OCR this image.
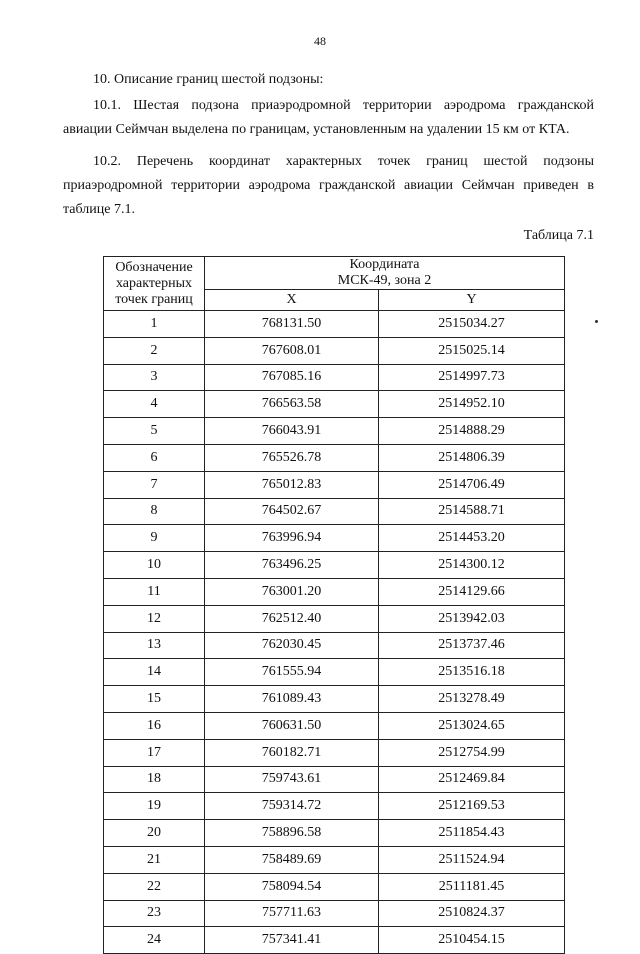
48

10. Описание границ шестой подзоны:

10.1. Шестая подзона приаэродромной территории аэродрома гражданской авиации Сеймчан выделена по границам, установленным на удалении 15 км от КТА.

10.2. Перечень координат характерных точек границ шестой подзоны приаэродромной территории аэродрома гражданской авиации Сеймчан приведен в таблице 7.1.

Таблица 7.1
Обозначение характерных точек границ	Координата
МСК-49, зона 2	
	X	Y
1	768131.50	2515034.27
2	767608.01	2515025.14
3	767085.16	2514997.73
4	766563.58	2514952.10
5	766043.91	2514888.29
6	765526.78	2514806.39
7	765012.83	2514706.49
8	764502.67	2514588.71
9	763996.94	2514453.20
10	763496.25	2514300.12
11	763001.20	2514129.66
12	762512.40	2513942.03
13	762030.45	2513737.46
14	761555.94	2513516.18
15	761089.43	2513278.49
16	760631.50	2513024.65
17	760182.71	2512754.99
18	759743.61	2512469.84
19	759314.72	2512169.53
20	758896.58	2511854.43
21	758489.69	2511524.94
22	758094.54	2511181.45
23	757711.63	2510824.37
24	757341.41	2510454.15
